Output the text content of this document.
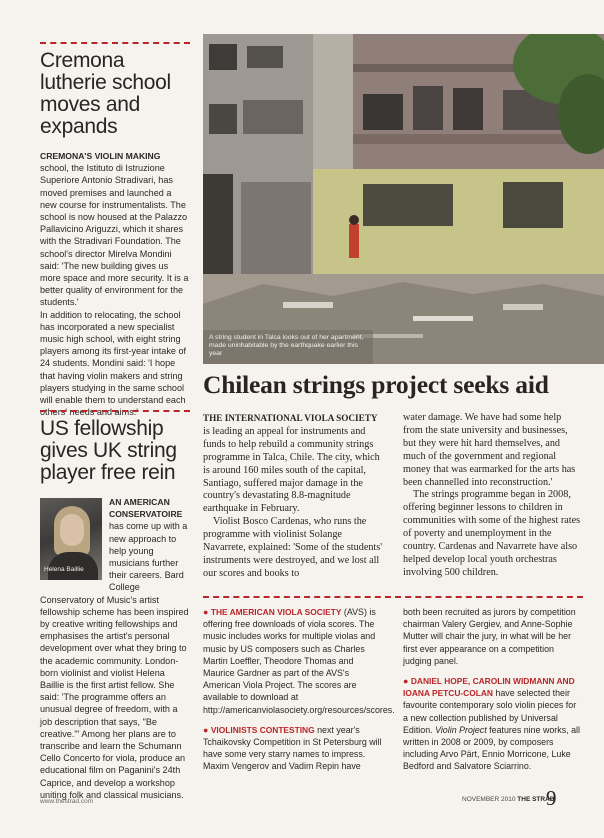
Cremona lutherie school moves and expands

CREMONA'S VIOLIN MAKING school, the Istituto di Istruzione Superiore Antonio Stradivari, has moved premises and launched a new course for instrumentalists. The school is now housed at the Palazzo Pallavicino Ariguzzi, which it shares with the Stradivari Foundation. The school's director Mirelva Mondini said: 'The new building gives us more space and more security. It is a better quality of environment for the students.'

In addition to relocating, the school has incorporated a new specialist music high school, with eight string players among its first-year intake of 24 students. Mondini said: 'I hope that having violin makers and string players studying in the same school will enable them to understand each others' needs and aims.'

US fellowship gives UK string player free rein
Helena Baillie

AN AMERICAN CONSERVATOIRE has come up with a new approach to help young musicians further their careers. Bard College Conservatory of Music's artist fellowship scheme has been inspired by creative writing fellowships and emphasises the artist's personal development over what they bring to the academic community. London-born violinist and violist Helena Baillie is the first artist fellow. She said: 'The programme offers an unusual degree of freedom, with a job description that says, "Be creative."' Among her plans are to transcribe and learn the Schumann Cello Concerto for viola, produce an educational film on Paganini's 24th Caprice, and develop a workshop uniting folk and classical musicians.

A string student in Talca looks out of her apartment, made uninhabitable by the earthquake earlier this year
Chilean strings project seeks aid

THE INTERNATIONAL VIOLA SOCIETY is leading an appeal for instruments and funds to help rebuild a community strings programme in Talca, Chile. The city, which is around 160 miles south of the capital, Santiago, suffered major damage in the country's devastating 8.8-magnitude earthquake in February.

Violist Bosco Cardenas, who runs the programme with violinist Solange Navarrete, explained: 'Some of the students' instruments were destroyed, and we lost all our scores and books to

water damage. We have had some help from the state university and businesses, but they were hit hard themselves, and much of the government and regional money that was earmarked for the arts has been channelled into reconstruction.'

The strings programme began in 2008, offering beginner lessons to children in communities with some of the highest rates of poverty and unemployment in the country. Cardenas and Navarrete have also helped develop local youth orchestras involving 500 children.

● THE AMERICAN VIOLA SOCIETY (AVS) is offering free downloads of viola scores. The music includes works for multiple violas and music by US composers such as Charles Martin Loeffler, Theodore Thomas and Maurice Gardner as part of the AVS's American Viola Project. The scores are available to download at http://americanviolasociety.org/resources/scores.

● VIOLINISTS CONTESTING next year's Tchaikovsky Competition in St Petersburg will have some very starry names to impress. Maxim Vengerov and Vadim Repin have

both been recruited as jurors by competition chairman Valery Gergiev, and Anne-Sophie Mutter will chair the jury, in what will be her first ever appearance on a competition judging panel.

● DANIEL HOPE, CAROLIN WIDMANN AND IOANA PETCU-COLAN have selected their favourite contemporary solo violin pieces for a new collection published by Universal Edition. Violin Project features nine works, all written in 2008 or 2009, by composers including Arvo Pärt, Ennio Morricone, Luke Bedford and Salvatore Sciarrino.

www.thestrad.com	NOVEMBER 2010 THE STRAD
9
